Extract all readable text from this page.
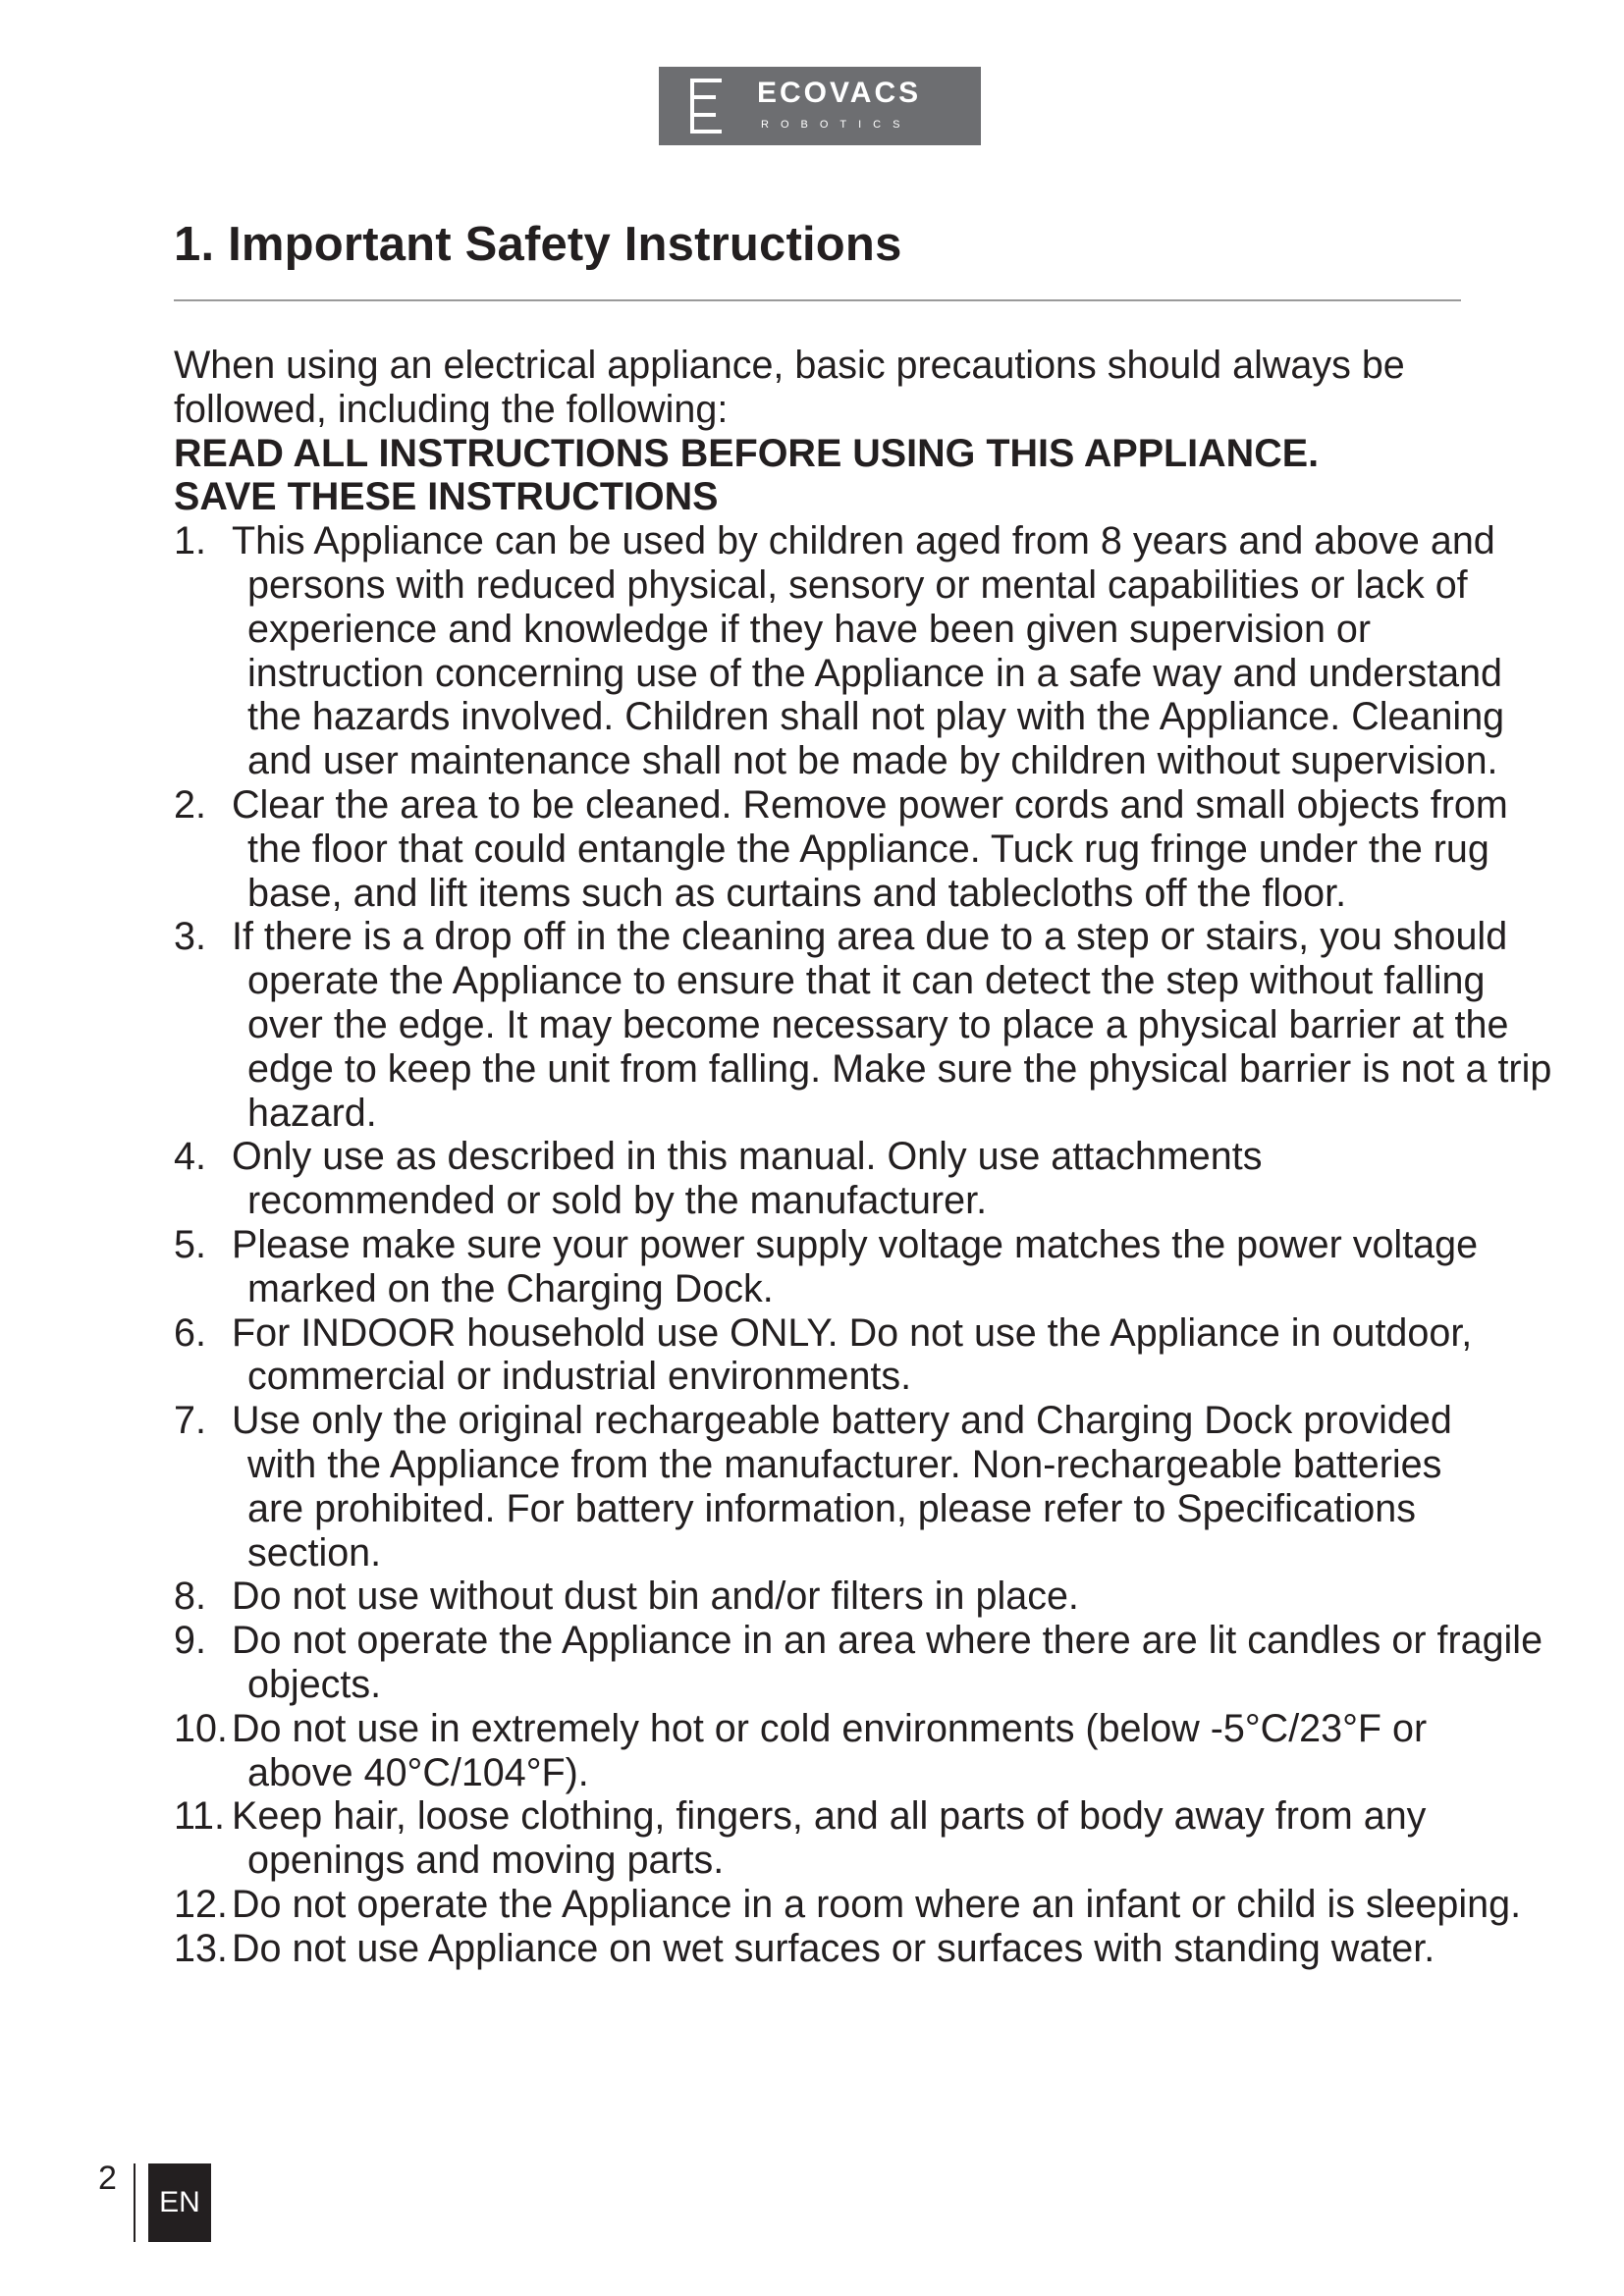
ECOVACS
ROBOTICS
1. Important Safety Instructions

When using an electrical appliance, basic precautions should always be followed, including the following:

READ ALL INSTRUCTIONS BEFORE USING THIS APPLIANCE.

SAVE THESE INSTRUCTIONS

1. This Appliance can be used by children aged from 8 years and above and persons with reduced physical, sensory or mental capabilities or lack of experience and knowledge if they have been given supervision or instruction concerning use of the Appliance in a safe way and understand the hazards involved. Children shall not play with the Appliance. Cleaning and user maintenance shall not be made by children without supervision.
2. Clear the area to be cleaned. Remove power cords and small objects from the floor that could entangle the Appliance. Tuck rug fringe under the rug base, and lift items such as curtains and tablecloths off the floor.
3. If there is a drop off in the cleaning area due to a step or stairs, you should operate the Appliance to ensure that it can detect the step without falling over the edge. It may become necessary to place a physical barrier at the edge to keep the unit from falling. Make sure the physical barrier is not a trip hazard.
4. Only use as described in this manual. Only use attachments recommended or sold by the manufacturer.
5. Please make sure your power supply voltage matches the power voltage marked on the Charging Dock.
6. For INDOOR household use ONLY. Do not use the Appliance in outdoor, commercial or industrial environments.
7. Use only the original rechargeable battery and Charging Dock provided with the Appliance from the manufacturer. Non-rechargeable batteries are prohibited. For battery information, please refer to Specifications section.
8. Do not use without dust bin and/or filters in place.
9. Do not operate the Appliance in an area where there are lit candles or fragile objects.
10. Do not use in extremely hot or cold environments (below -5°C/23°F or above 40°C/104°F).
11. Keep hair, loose clothing, fingers, and all parts of body away from any openings and moving parts.
12. Do not operate the Appliance in a room where an infant or child is sleeping.
13. Do not use Appliance on wet surfaces or surfaces with standing water.
2
EN
